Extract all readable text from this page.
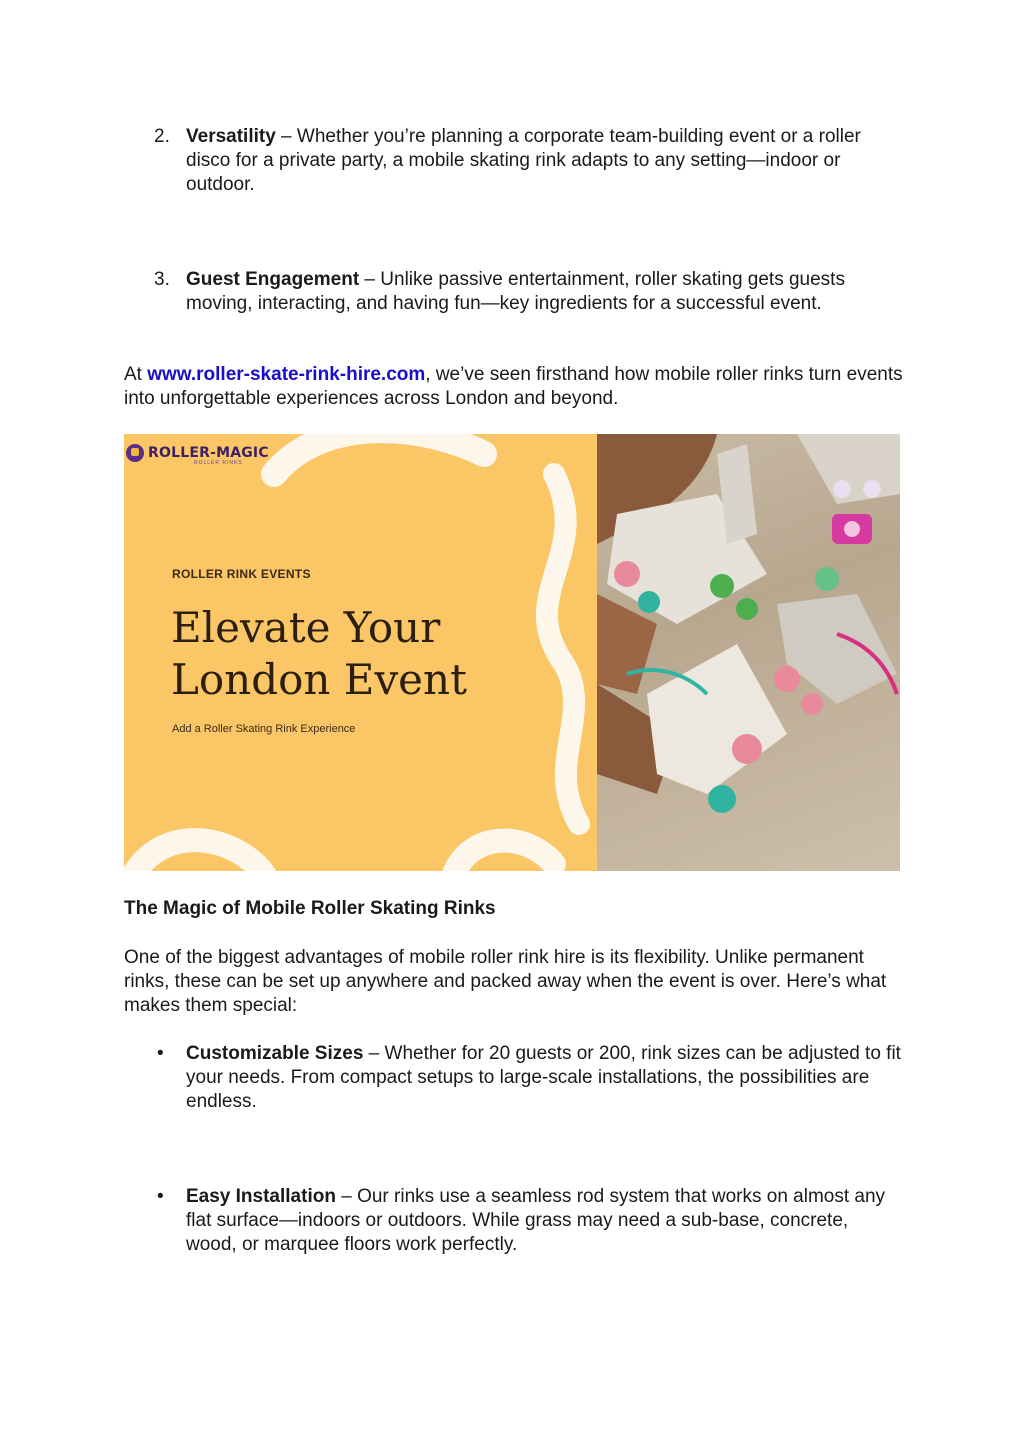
2. Versatility – Whether you’re planning a corporate team-building event or a roller disco for a private party, a mobile skating rink adapts to any setting—indoor or outdoor.
3. Guest Engagement – Unlike passive entertainment, roller skating gets guests moving, interacting, and having fun—key ingredients for a successful event.
At www.roller-skate-rink-hire.com, we’ve seen firsthand how mobile roller rinks turn events into unforgettable experiences across London and beyond.
ROLLER-MAGIC
ROLLER RINKS
ROLLER RINK EVENTS
Elevate Your
London Event
Add a Roller Skating Rink Experience
The Magic of Mobile Roller Skating Rinks
One of the biggest advantages of mobile roller rink hire is its flexibility. Unlike permanent rinks, these can be set up anywhere and packed away when the event is over. Here’s what makes them special:
• Customizable Sizes – Whether for 20 guests or 200, rink sizes can be adjusted to fit your needs. From compact setups to large-scale installations, the possibilities are endless.
• Easy Installation – Our rinks use a seamless rod system that works on almost any flat surface—indoors or outdoors. While grass may need a sub-base, concrete, wood, or marquee floors work perfectly.
